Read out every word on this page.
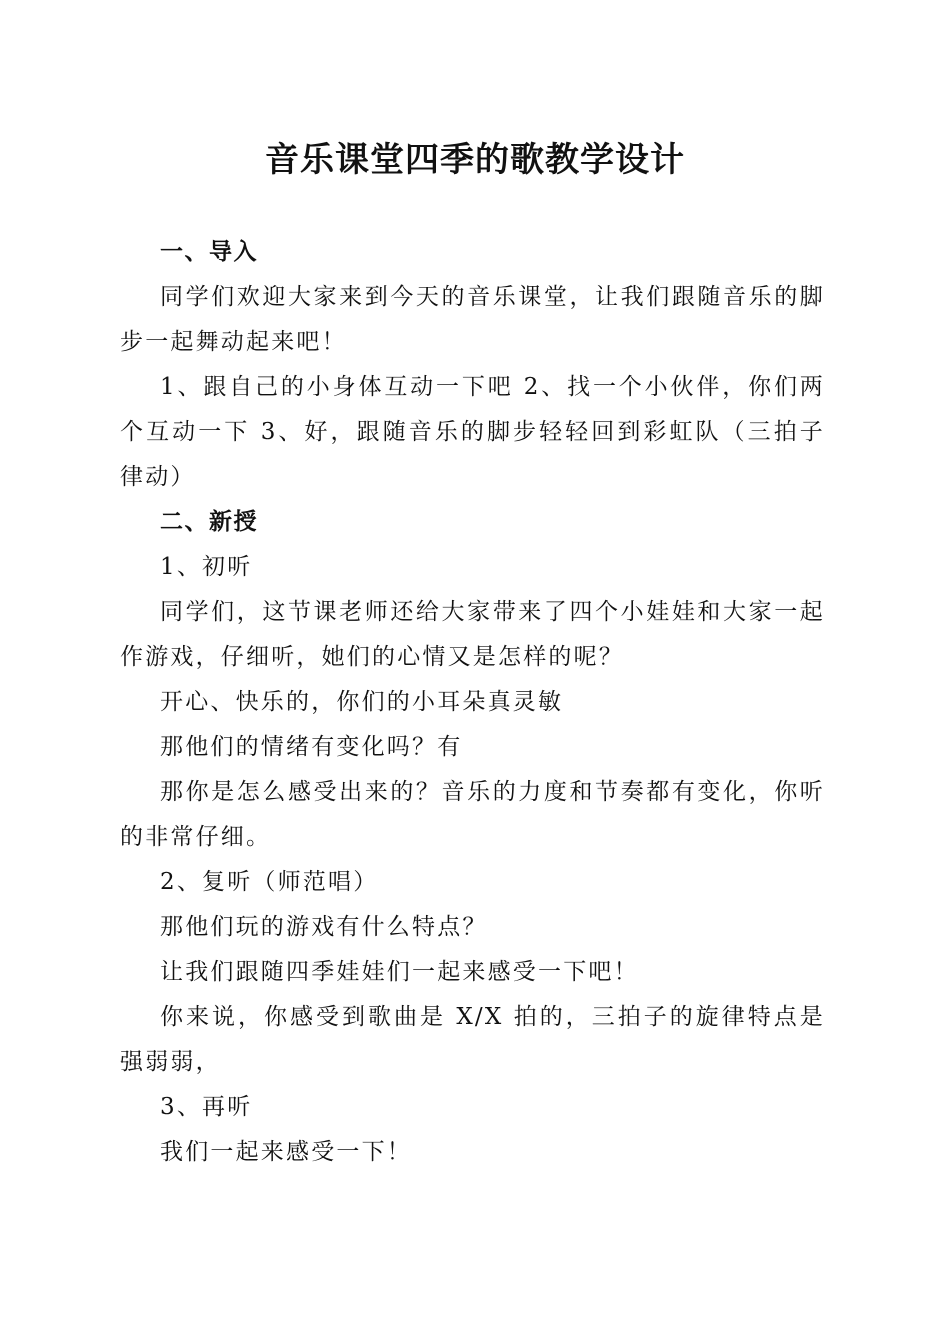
音乐课堂四季的歌教学设计

一、导入

同学们欢迎大家来到今天的音乐课堂，让我们跟随音乐的脚步一起舞动起来吧！

1、跟自己的小身体互动一下吧 2、找一个小伙伴，你们两个互动一下 3、好，跟随音乐的脚步轻轻回到彩虹队（三拍子律动）

二、新授

1、初听

同学们，这节课老师还给大家带来了四个小娃娃和大家一起作游戏，仔细听，她们的心情又是怎样的呢？

开心、快乐的，你们的小耳朵真灵敏

那他们的情绪有变化吗？有

那你是怎么感受出来的？音乐的力度和节奏都有变化，你听的非常仔细。

2、复听（师范唱）

那他们玩的游戏有什么特点？

让我们跟随四季娃娃们一起来感受一下吧！

你来说，你感受到歌曲是 X/X 拍的，三拍子的旋律特点是强弱弱，

3、再听

我们一起来感受一下！
